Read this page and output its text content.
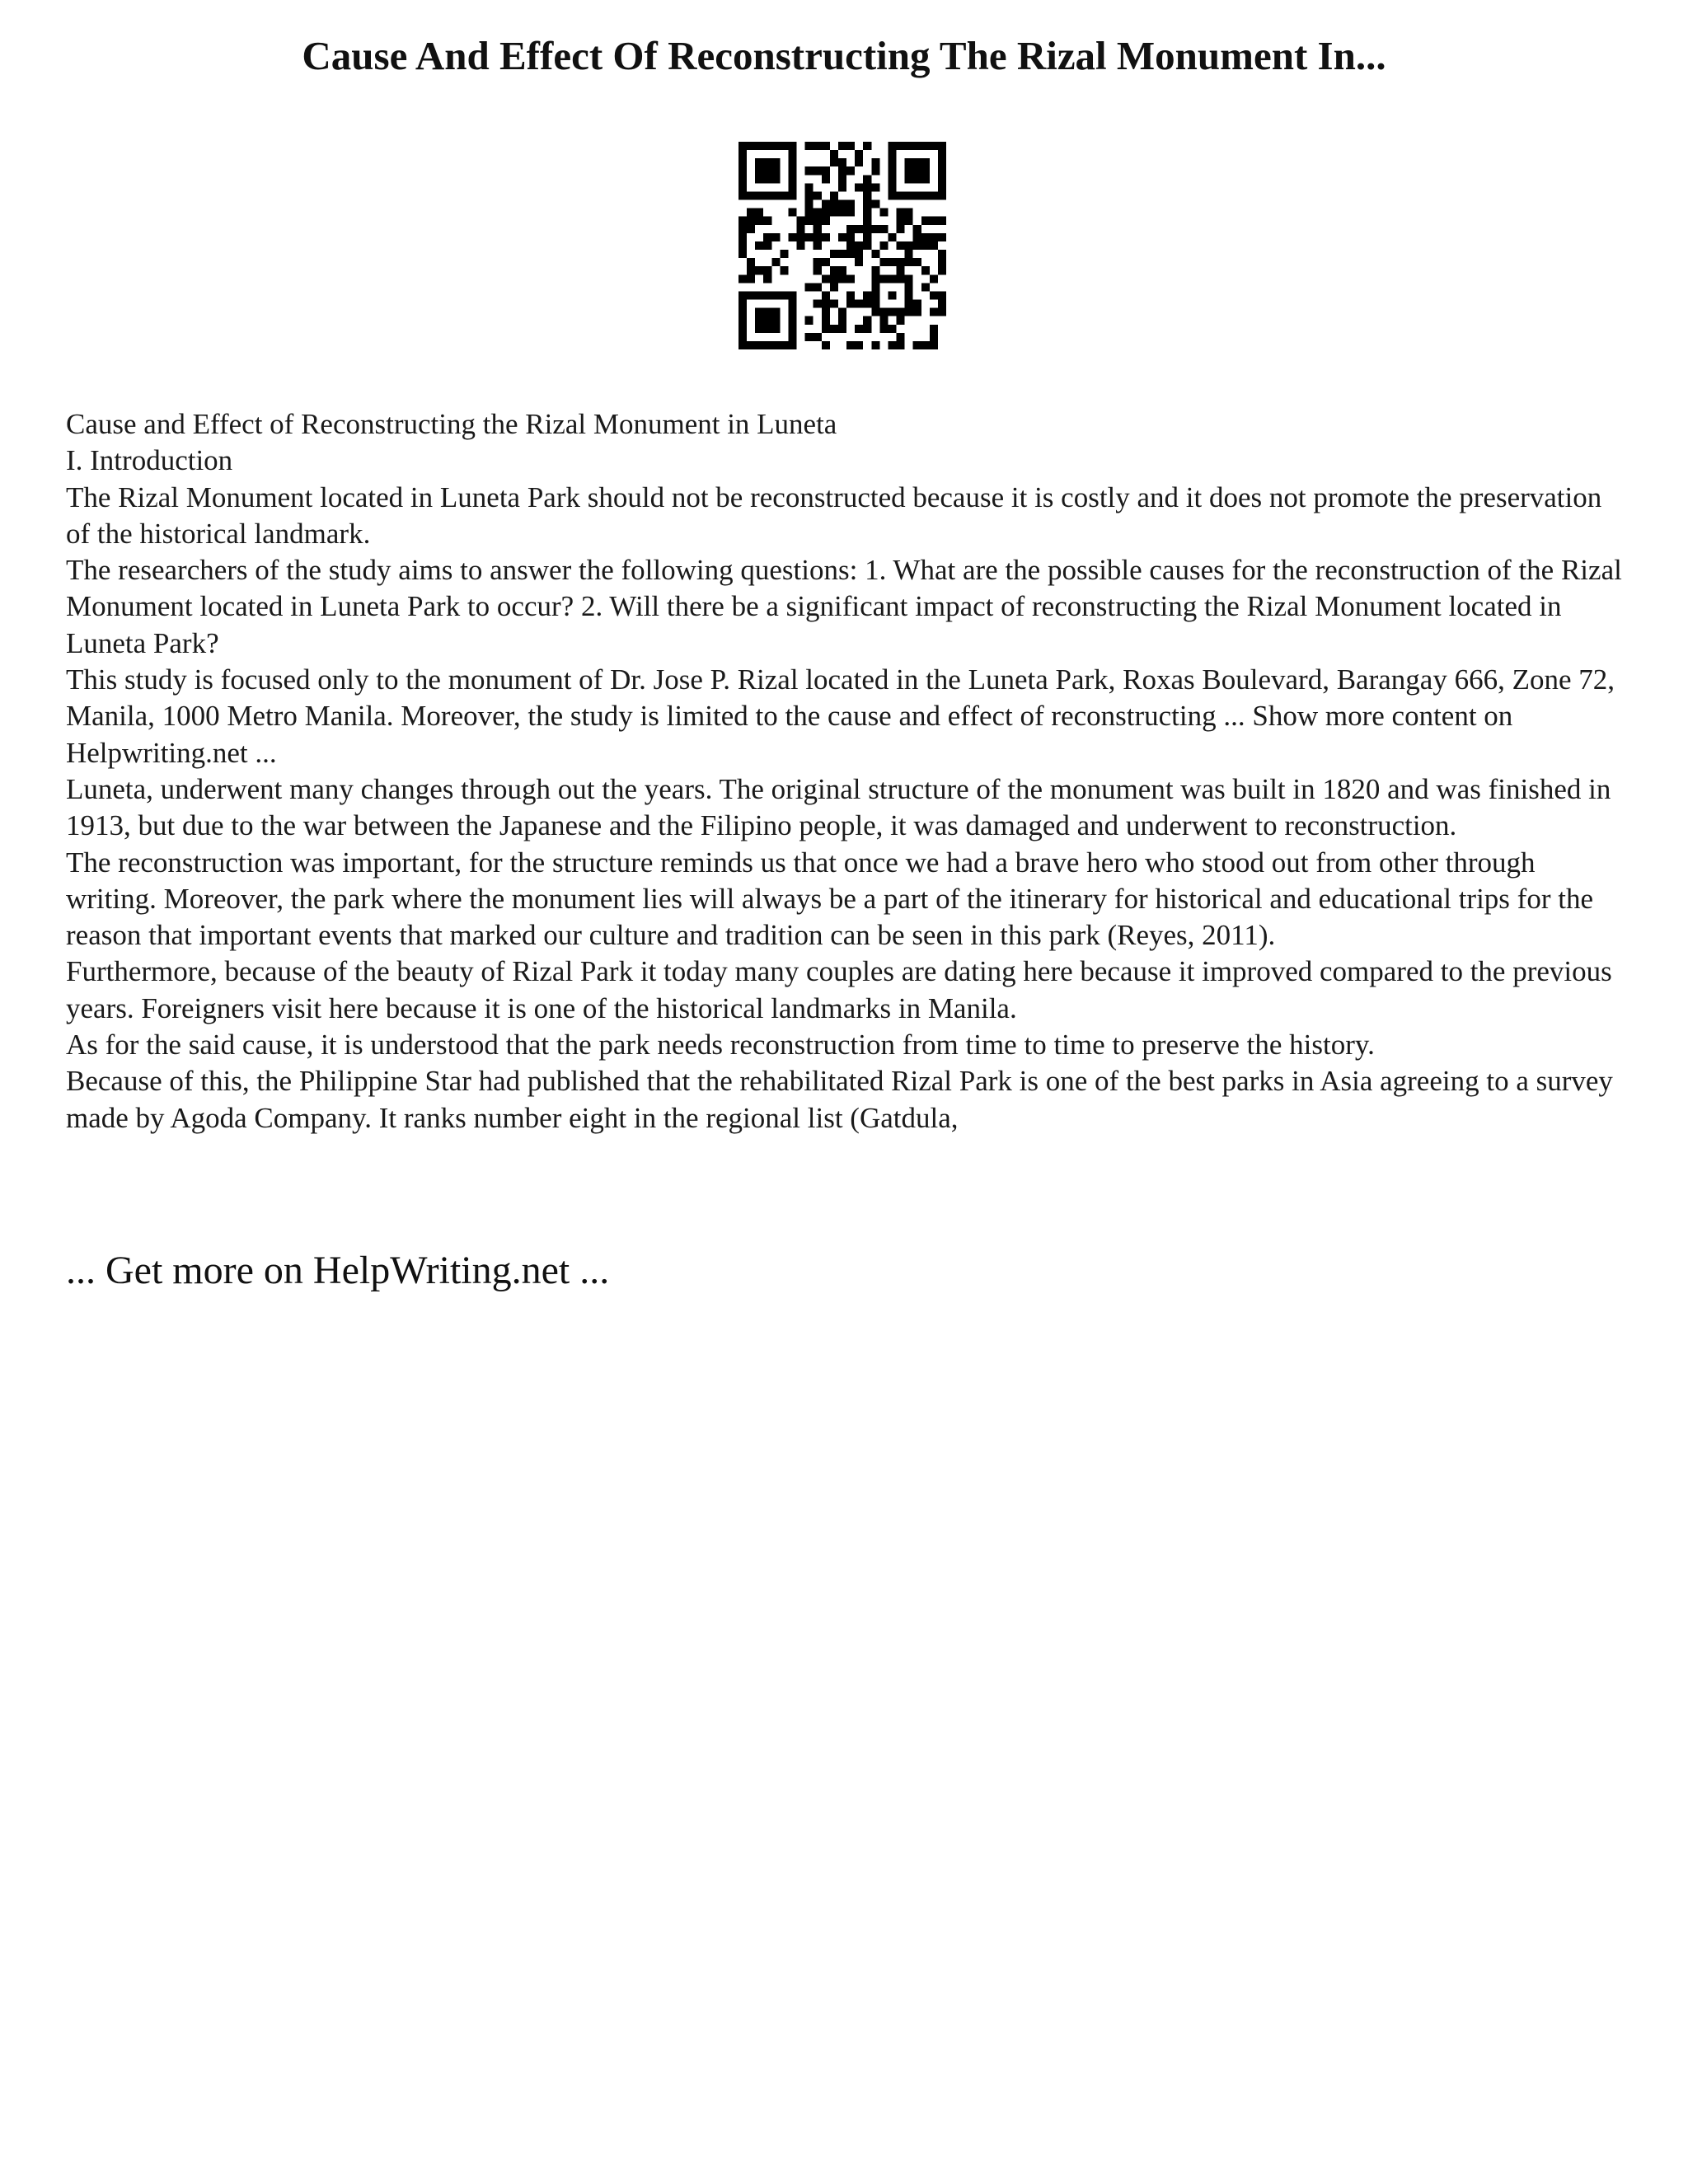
Cause And Effect Of Reconstructing The Rizal Monument In...

Cause and Effect of Reconstructing the Rizal Monument in Luneta

I. Introduction

The Rizal Monument located in Luneta Park should not be reconstructed because it is costly and it does not promote the preservation of the historical landmark.

The researchers of the study aims to answer the following questions: 1. What are the possible causes for the reconstruction of the Rizal Monument located in Luneta Park to occur? 2. Will there be a significant impact of reconstructing the Rizal Monument located in Luneta Park?

This study is focused only to the monument of Dr. Jose P. Rizal located in the Luneta Park, Roxas Boulevard, Barangay 666, Zone 72, Manila, 1000 Metro Manila. Moreover, the study is limited to the cause and effect of reconstructing ... Show more content on Helpwriting.net ...

Luneta, underwent many changes through out the years. The original structure of the monument was built in 1820 and was finished in 1913, but due to the war between the Japanese and the Filipino people, it was damaged and underwent to reconstruction.

The reconstruction was important, for the structure reminds us that once we had a brave hero who stood out from other through writing. Moreover, the park where the monument lies will always be a part of the itinerary for historical and educational trips for the reason that important events that marked our culture and tradition can be seen in this park (Reyes, 2011).

Furthermore, because of the beauty of Rizal Park it today many couples are dating here because it improved compared to the previous years. Foreigners visit here because it is one of the historical landmarks in Manila.

As for the said cause, it is understood that the park needs reconstruction from time to time to preserve the history.

Because of this, the Philippine Star had published that the rehabilitated Rizal Park is one of the best parks in Asia agreeing to a survey made by Agoda Company. It ranks number eight in the regional list (Gatdula,

... Get more on HelpWriting.net ...
